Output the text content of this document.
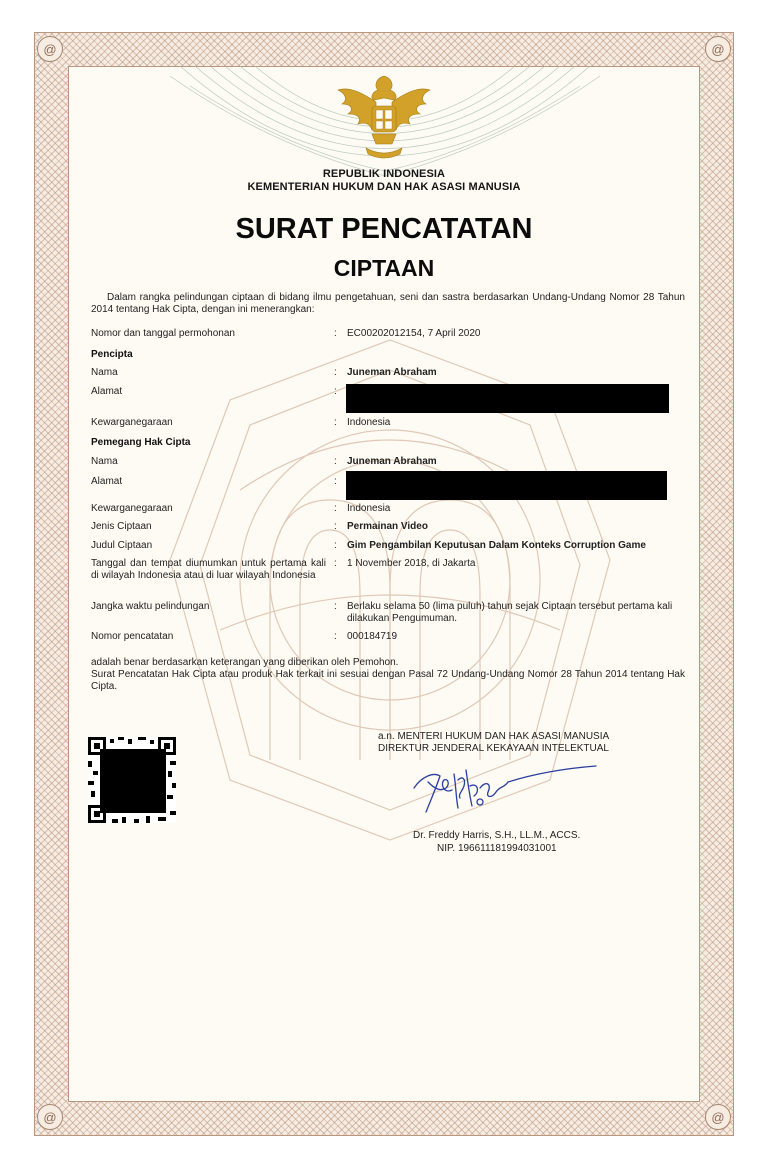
@	@
@	@
REPUBLIK INDONESIA
KEMENTERIAN HUKUM DAN HAK ASASI MANUSIA
SURAT PENCATATAN
CIPTAAN
Dalam rangka pelindungan ciptaan di bidang ilmu pengetahuan, seni dan sastra berdasarkan Undang-Undang Nomor 28 Tahun 2014 tentang Hak Cipta, dengan ini menerangkan:
Nomor dan tanggal permohonan	: EC00202012154, 7 April 2020
Pencipta
Nama	: Juneman Abraham
Alamat	:
Kewarganegaraan	: Indonesia
Pemegang Hak Cipta
Nama	: Juneman Abraham
Alamat	:
Kewarganegaraan	: Indonesia
Jenis Ciptaan	: Permainan Video
Judul Ciptaan	: Gim Pengambilan Keputusan Dalam Konteks Corruption Game
Tanggal dan tempat diumumkan untuk pertama kali di wilayah Indonesia atau di luar wilayah Indonesia
: 1 November 2018, di Jakarta
Jangka waktu pelindungan	: Berlaku selama 50 (lima puluh) tahun sejak Ciptaan tersebut pertama kali dilakukan Pengumuman.
Nomor pencatatan	: 000184719
adalah benar berdasarkan keterangan yang diberikan oleh Pemohon.
Surat Pencatatan Hak Cipta atau produk Hak terkait ini sesuai dengan Pasal 72 Undang-Undang Nomor 28 Tahun 2014 tentang Hak Cipta.
a.n. MENTERI HUKUM DAN HAK ASASI MANUSIA
DIREKTUR JENDERAL KEKAYAAN INTELEKTUAL
Dr. Freddy Harris, S.H., LL.M., ACCS.
NIP. 196611181994031001
